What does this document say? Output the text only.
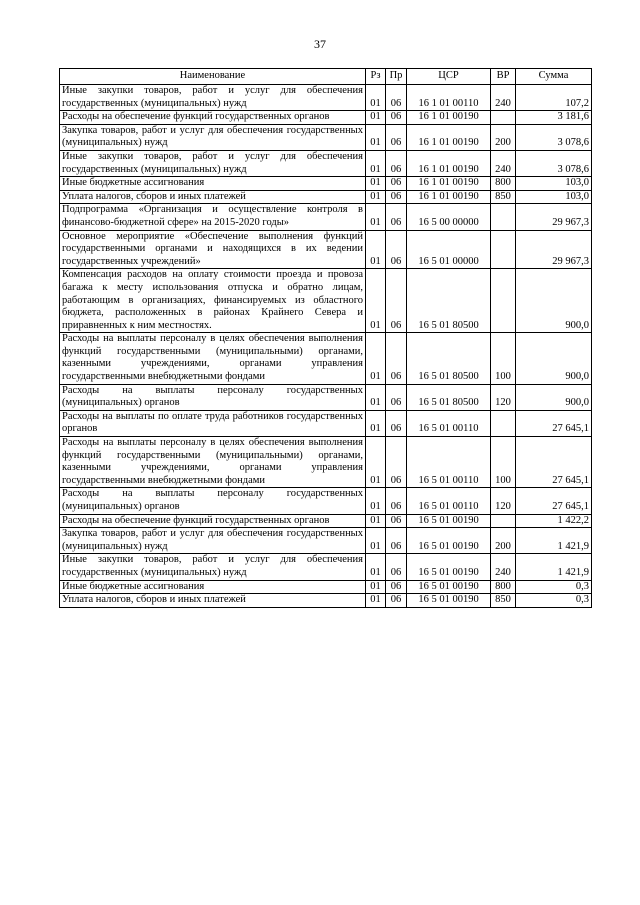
37
Наименование	Рз	Пр	ЦСР	ВР	Сумма
Иные закупки товаров, работ и услуг для обеспечения государственных (муниципальных) нужд	01	06	16 1 01 00110	240	107,2
Расходы на обеспечение функций государственных органов	01	06	16 1 01 00190		3 181,6
Закупка товаров, работ и услуг для обеспечения государственных (муниципальных) нужд	01	06	16 1 01 00190	200	3 078,6
Иные закупки товаров, работ и услуг для обеспечения государственных (муниципальных) нужд	01	06	16 1 01 00190	240	3 078,6
Иные бюджетные ассигнования	01	06	16 1 01 00190	800	103,0
Уплата налогов, сборов и иных платежей	01	06	16 1 01 00190	850	103,0
Подпрограмма «Организация и осуществление контроля в финансово-бюджетной сфере» на 2015-2020 годы»	01	06	16 5 00 00000		29 967,3
Основное мероприятие «Обеспечение выполнения функций государственными органами и находящихся в их ведении государственных учреждений»	01	06	16 5 01 00000		29 967,3
Компенсация расходов на оплату стоимости проезда и провоза багажа к месту использования отпуска и обратно лицам, работающим в организациях, финансируемых из областного бюджета, расположенных в районах Крайнего Севера и приравненных к ним местностях.	01	06	16 5 01 80500		900,0
Расходы на выплаты персоналу в целях обеспечения выполнения функций государственными (муниципальными) органами, казенными учреждениями, органами управления государственными внебюджетными фондами	01	06	16 5 01 80500	100	900,0
Расходы на выплаты персоналу государственных (муниципальных) органов	01	06	16 5 01 80500	120	900,0
Расходы на выплаты по оплате труда работников государственных органов	01	06	16 5 01 00110		27 645,1
Расходы на выплаты персоналу в целях обеспечения выполнения функций государственными (муниципальными) органами, казенными учреждениями, органами управления государственными внебюджетными фондами	01	06	16 5 01 00110	100	27 645,1
Расходы на выплаты персоналу государственных (муниципальных) органов	01	06	16 5 01 00110	120	27 645,1
Расходы на обеспечение функций государственных органов	01	06	16 5 01 00190		1 422,2
Закупка товаров, работ и услуг для обеспечения государственных (муниципальных) нужд	01	06	16 5 01 00190	200	1 421,9
Иные закупки товаров, работ и услуг для обеспечения государственных (муниципальных) нужд	01	06	16 5 01 00190	240	1 421,9
Иные бюджетные ассигнования	01	06	16 5 01 00190	800	0,3
Уплата налогов, сборов и иных платежей	01	06	16 5 01 00190	850	0,3
